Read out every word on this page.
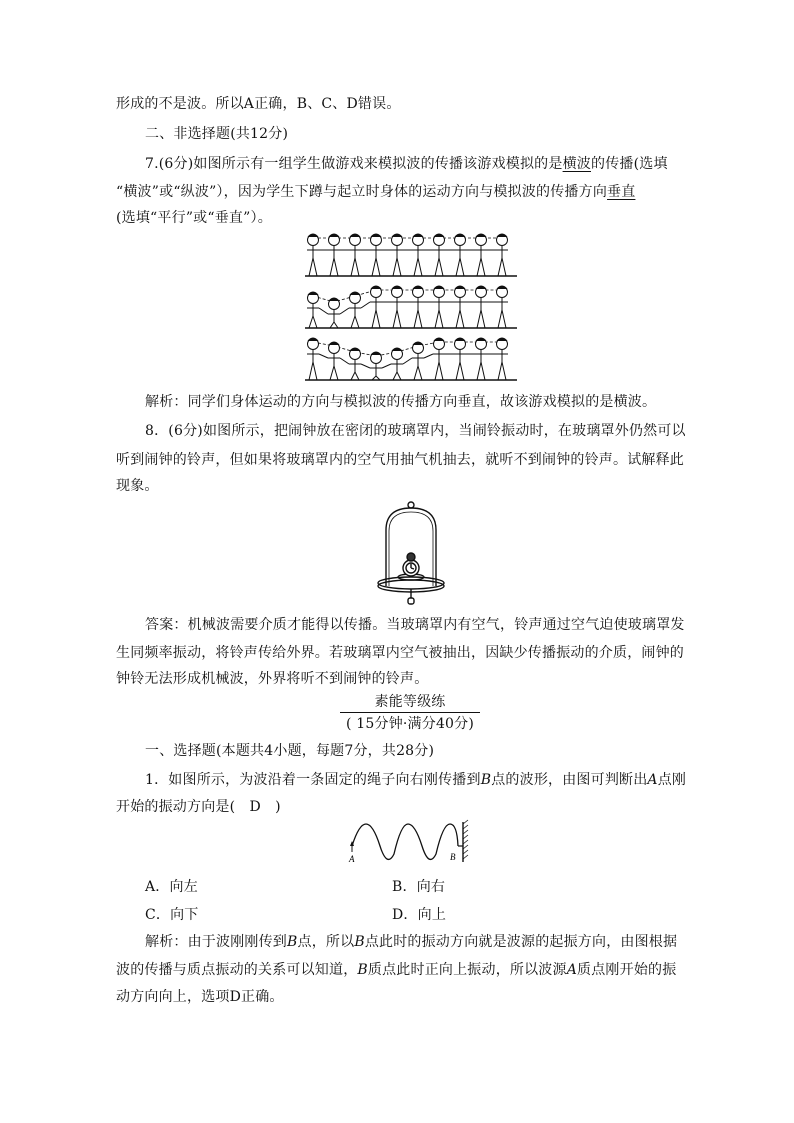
形成的不是波。所以A正确，B、C、D错误。
二、非选择题(共12分)
7.(6分)如图所示有一组学生做游戏来模拟波的传播该游戏模拟的是横波的传播(选填
“横波”或“纵波”），因为学生下蹲与起立时身体的运动方向与模拟波的传播方向垂直
(选填“平行”或“垂直”）。
解析：同学们身体运动的方向与模拟波的传播方向垂直，故该游戏模拟的是横波。
8．(6分)如图所示，把闹钟放在密闭的玻璃罩内，当闹铃振动时，在玻璃罩外仍然可以
听到闹钟的铃声，但如果将玻璃罩内的空气用抽气机抽去，就听不到闹钟的铃声。试解释此
现象。
答案：机械波需要介质才能得以传播。当玻璃罩内有空气，铃声通过空气迫使玻璃罩发
生同频率振动，将铃声传给外界。若玻璃罩内空气被抽出，因缺少传播振动的介质，闹钟的
钟铃无法形成机械波，外界将听不到闹钟的铃声。
素能等级练
( 15分钟·满分40分)
一、选择题(本题共4小题，每题7分，共28分)
1．如图所示，为波沿着一条固定的绳子向右刚传播到B点的波形，由图可判断出A点刚
开始的振动方向是(　D　)
A	B
A．向左	B．向右
C．向下	D．向上
解析：由于波刚刚传到B点，所以B点此时的振动方向就是波源的起振方向，由图根据
波的传播与质点振动的关系可以知道，B质点此时正向上振动，所以波源A质点刚开始的振
动方向向上，选项D正确。
